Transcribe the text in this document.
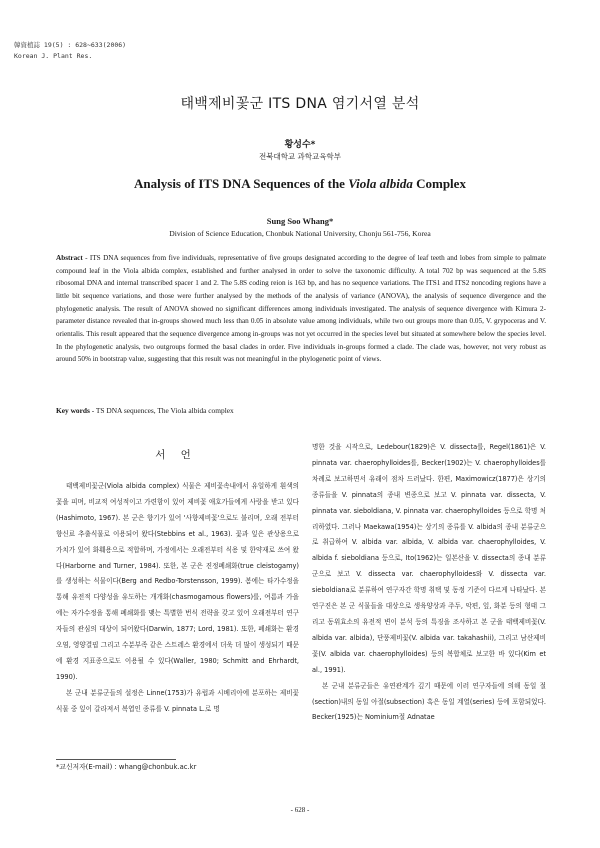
韓資植誌 19(5) : 628~633(2006)
Korean J. Plant Res.
태백제비꽃군 ITS DNA 염기서열 분석
황성수*
전북대학교 과학교육학부
Analysis of ITS DNA Sequences of the Viola albida Complex
Sung Soo Whang*
Division of Science Education, Chonbuk National University, Chonju 561-756, Korea
Abstract - ITS DNA sequences from five individuals, representative of five groups designated according to the degree of leaf teeth and lobes from simple to palmate compound leaf in the Viola albida complex, established and further analysed in order to solve the taxonomic difficulty. A total 702 bp was sequenced at the 5.8S ribosomal DNA and internal transcribed spacer 1 and 2. The 5.8S coding reion is 163 bp, and has no sequence variations. The ITS1 and ITS2 noncoding regions have a little bit sequence variations, and those were further analysed by the methods of the analysis of variance (ANOVA), the analysis of sequence divergence and the phylogenetic analysis. The result of ANOVA showed no significant differences among individuals investigated. The analysis of sequence divergence with Kimura 2-parameter distance revealed that in-groups showed much less than 0.05 in absolute value among individuals, while two out groups more than 0.05, V. grypoceras and V. orientalis. This result appeared that the sequence divergence among in-groups was not yet occurred in the species level but situated at somewhere below the species level. In the phylogenetic analysis, two outgroups formed the basal clades in order. Five individuals in-groups formed a clade. The clade was, however, not very robust as around 50% in bootstrap value, suggesting that this result was not meaningful in the phylogenetic point of views.
Key words - TS DNA sequences, The Viola albida complex
서 언

태백제비꽃군(Viola albida complex) 식물은 제비꽃속내에서 유일하게 흰색의 꽃을 피며, 비교적 여성적이고 가련함이 있어 제비꽃 애호가들에게 사랑을 받고 있다(Hashimoto, 1967). 본 군은 향기가 있어 '사향제비꽃'으로도 불리며, 오래 전부터 향신료 추출식물로 이용되어 왔다(Stebbins et al., 1963). 꽃과 잎은 관상용으로 가치가 있어 화훼용으로 적합하며, 가정에서는 오래전부터 식용 및 한약재로 쓰여 왔다(Harborne and Turner, 1984). 또한, 본 군은 진정폐쇄화(true cleistogamy)를 생성하는 식물이다(Berg and Redbo-Torstensson, 1999). 봄에는 타가수정을 통해 유전적 다양성을 유도하는 개개화(chasmogamous flowers)를, 여름과 가을에는 자가수정을 통해 폐쇄화를 맺는 특별한 번식 전략을 갖고 있어 오래전부터 연구자들의 관심의 대상이 되어왔다(Darwin, 1877; Lord, 1981). 또한, 폐쇄화는 환경오염, 영양결핍 그리고 수분부족 같은 스트레스 환경에서 더욱 더 많이 생성되기 때문에 환경 지표종으로도 이용될 수 있다(Waller, 1980; Schmitt and Ehrhardt, 1990).

본 군내 분류군들의 설정은 Linne(1753)가 유럽과 시베리아에 분포하는 제비꽃 식물 중 잎이 갈라져서 복엽인 종류를 V. pinnata L.로 명

명한 것을 시작으로, Ledebour(1829)은 V. dissecta를, Regel(1861)은 V. pinnata var. chaerophylloides를, Becker(1902)는 V. chaerophylloides를 차례로 보고하면서 유래이 점차 드러났다. 한편, Maximowicz(1877)은 상기의 종류들을 V. pinnata의 종내 변종으로 보고 V. pinnata var. dissecta, V. pinnata var. sieboldiana, V. pinnata var. chaerophylloides 등으로 학명 처리하였다. 그러나 Maekawa(1954)는 상기의 종류를 V. albida의 종내 분류군으로 취급하여 V. albida var. albida, V. albida var. chaerophylloides, V. albida f. sieboldiana 등으로, Ito(1962)는 일본산을 V. dissecta의 종내 분류군으로 보고 V. dissecta var. chaerophylloides와 V. dissecta var. sieboldiana로 분류하여 연구자간 학명 취택 및 동정 기준이 다르게 나타났다. 본 연구진은 본 군 식물들을 대상으로 생육양상과 주두, 악편, 잎, 화분 등의 형태 그리고 동위효소의 유전적 변이 분석 등의 특징을 조사하고 본 군을 태백제비꽃(V. albida var. albida), 단풍제비꽃(V. albida var. takahashii), 그리고 남산제비꽃(V. albida var. chaerophylloides) 등의 복합체로 보고한 바 있다(Kim et al., 1991).

본 군내 분류군들은 유연관계가 깊기 때문에 이러 연구자들에 의해 동일 절(section)내의 동일 아절(subsection) 혹은 동일 계열(series) 등에 포함되었다. Becker(1925)는 Nominium절 Adnatae

*교신저자(E-mail) : whang@chonbuk.ac.kr
- 628 -
